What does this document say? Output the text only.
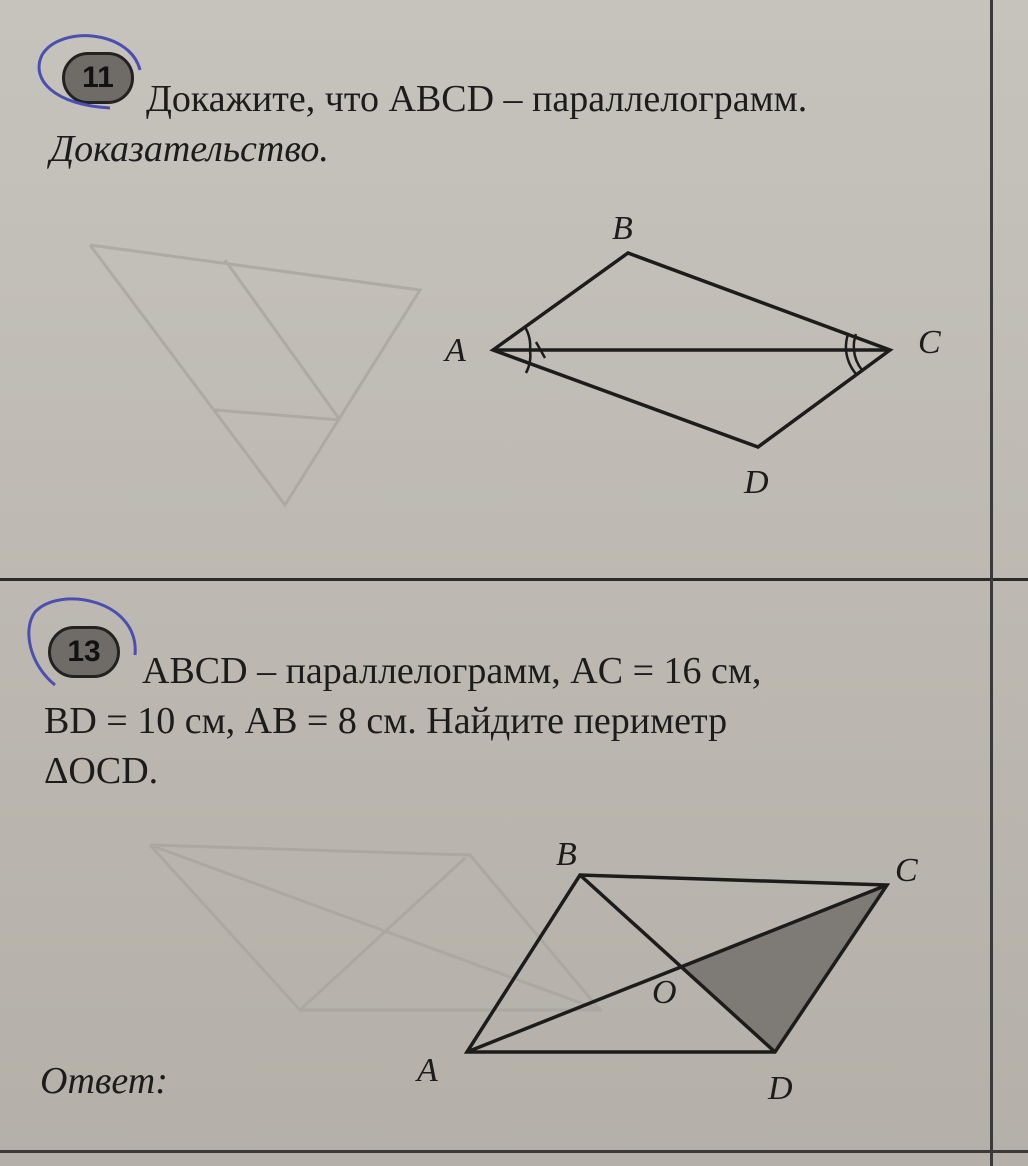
11
Докажите, что ABCD – параллелограмм.
Доказательство.
B
A	C
D
13 ABCD – параллелограмм, AC = 16 см,
BD = 10 см, AB = 8 см. Найдите периметр
ΔOCD.
B	C
O
A	D
Ответ:
